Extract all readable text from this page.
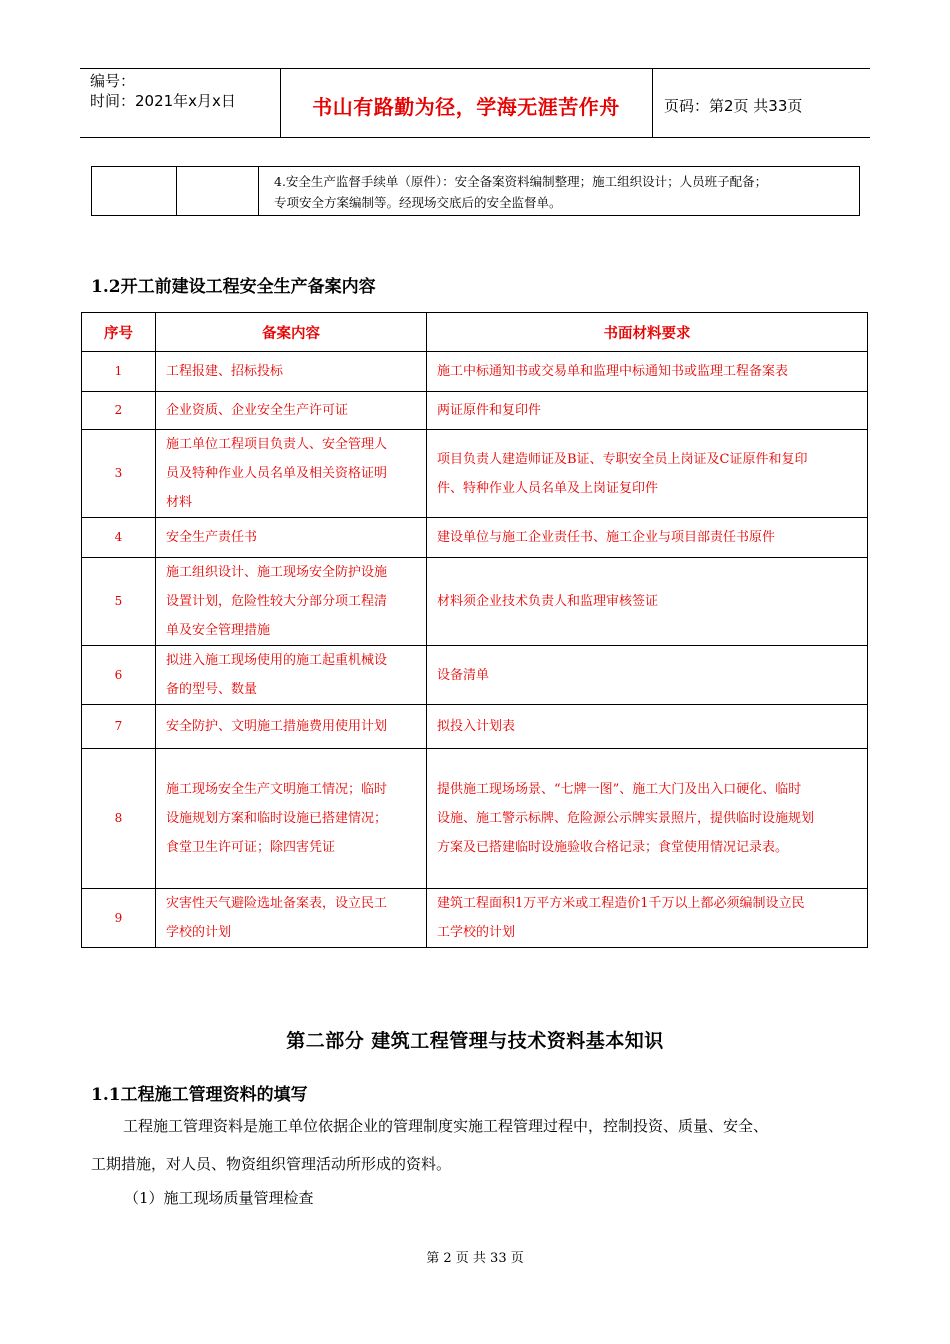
编号：
时间：2021年x月x日	书山有路勤为径，学海无涯苦作舟	页码：第2页 共33页
4.安全生产监督手续单（原件）：安全备案资料编制整理；施工组织设计；人员班子配备；
专项安全方案编制等。经现场交底后的安全监督单。
1.2开工前建设工程安全生产备案内容
序号	备案内容	书面材料要求
1	工程报建、招标投标	施工中标通知书或交易单和监理中标通知书或监理工程备案表

2	企业资质、企业安全生产许可证	两证原件和复印件

3	施工单位工程项目负责人、安全管理人
员及特种作业人员名单及相关资格证明
材料	项目负责人建造师证及B证、专职安全员上岗证及C证原件和复印
件、特种作业人员名单及上岗证复印件

4	安全生产责任书	建设单位与施工企业责任书、施工企业与项目部责任书原件

5	施工组织设计、施工现场安全防护设施
设置计划，危险性较大分部分项工程清
单及安全管理措施	材料须企业技术负责人和监理审核签证

6	拟进入施工现场使用的施工起重机械设
备的型号、数量	设备清单

7	安全防护、文明施工措施费用使用计划	拟投入计划表

8	施工现场安全生产文明施工情况；临时
设施规划方案和临时设施已搭建情况；
食堂卫生许可证；除四害凭证	提供施工现场场景、“七牌一图”、施工大门及出入口硬化、临时
设施、施工警示标牌、危险源公示牌实景照片，提供临时设施规划
方案及已搭建临时设施验收合格记录；食堂使用情况记录表。

9	灾害性天气避险选址备案表，设立民工
学校的计划	建筑工程面积1万平方米或工程造价1千万以上都必须编制设立民
工学校的计划
第二部分 建筑工程管理与技术资料基本知识
1.1工程施工管理资料的填写
工程施工管理资料是施工单位依据企业的管理制度实施工程管理过程中，控制投资、质量、安全、
工期措施，对人员、物资组织管理活动所形成的资料。
（1）施工现场质量管理检查
第 2 页 共 33 页
